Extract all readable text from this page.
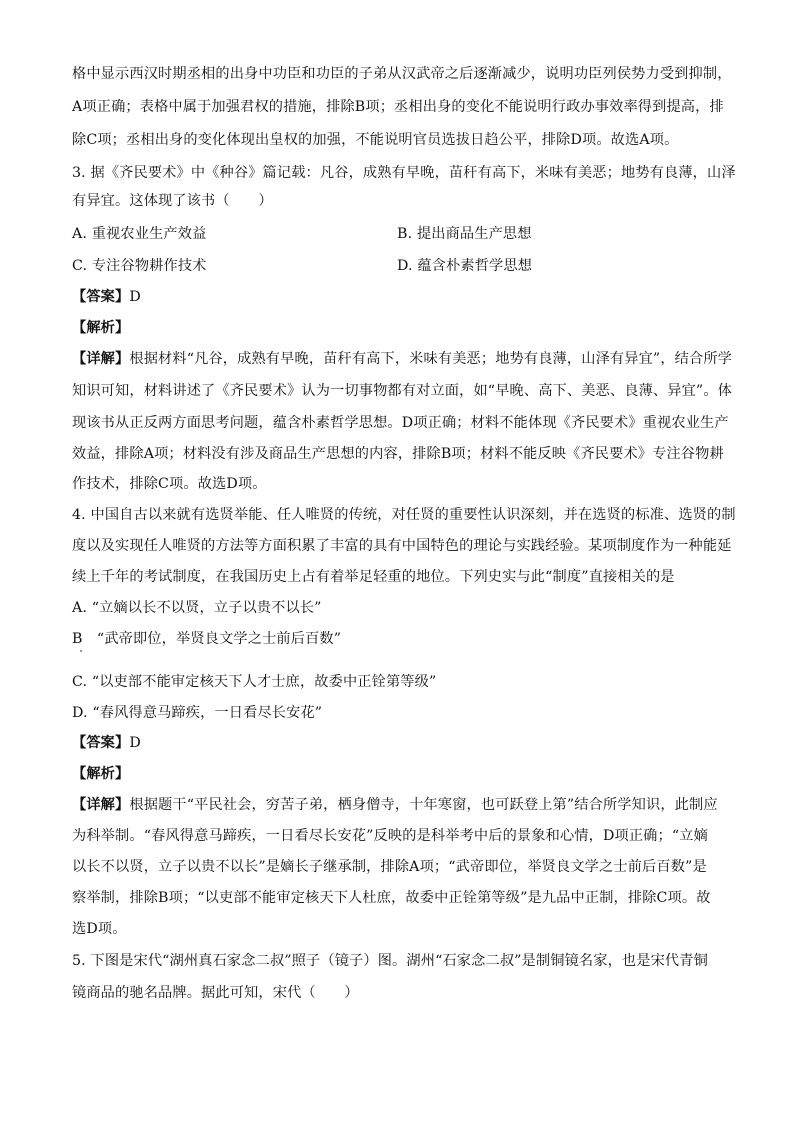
格中显示西汉时期丞相的出身中功臣和功臣的子弟从汉武帝之后逐渐减少，说明功臣列侯势力受到抑制，
A项正确；表格中属于加强君权的措施，排除B项；丞相出身的变化不能说明行政办事效率得到提高，排
除C项；丞相出身的变化体现出皇权的加强，不能说明官员选拔日趋公平，排除D项。故选A项。
3. 据《齐民要术》中《种谷》篇记载：凡谷，成熟有早晚，苗秆有高下，米味有美恶；地势有良薄，山泽
有异宜。这体现了该书（　　）
A. 重视农业生产效益	B. 提出商品生产思想
C. 专注谷物耕作技术	D. 蕴含朴素哲学思想
【答案】D
【解析】
【详解】根据材料“凡谷，成熟有早晚，苗秆有高下，米味有美恶；地势有良薄，山泽有异宜”，结合所学
知识可知，材料讲述了《齐民要术》认为一切事物都有对立面，如“早晚、高下、美恶、良薄、异宜”。体
现该书从正反两方面思考问题，蕴含朴素哲学思想。D项正确；材料不能体现《齐民要术》重视农业生产
效益，排除A项；材料没有涉及商品生产思想的内容，排除B项；材料不能反映《齐民要术》专注谷物耕
作技术，排除C项。故选D项。
4. 中国自古以来就有选贤举能、任人唯贤的传统，对任贤的重要性认识深刻，并在选贤的标准、选贤的制
度以及实现任人唯贤的方法等方面积累了丰富的具有中国特色的理论与实践经验。某项制度作为一种能延
续上千年的考试制度，在我国历史上占有着举足轻重的地位。下列史实与此“制度”直接相关的是
A. “立嫡以长不以贤，立子以贵不以长”
B　“武帝即位，举贤良文学之士前后百数”
C. “以吏部不能审定核天下人才士庶，故委中正铨第等级”
D. “春风得意马蹄疾，一日看尽长安花”
【答案】D
【解析】
【详解】根据题干“平民社会，穷苦子弟，栖身僧寺，十年寒窗，也可跃登上第”结合所学知识，此制应
为科举制。“春风得意马蹄疾，一日看尽长安花”反映的是科举考中后的景象和心情，D项正确；“立嫡
以长不以贤，立子以贵不以长”是嫡长子继承制，排除A项；“武帝即位，举贤良文学之士前后百数”是
察举制，排除B项；“以吏部不能审定核天下人杜庶，故委中正铨第等级”是九品中正制，排除C项。故
选D项。
5. 下图是宋代“湖州真石家念二叔”照子（镜子）图。湖州“石家念二叔”是制铜镜名家，也是宋代青铜
镜商品的驰名品牌。据此可知，宋代（　　）
